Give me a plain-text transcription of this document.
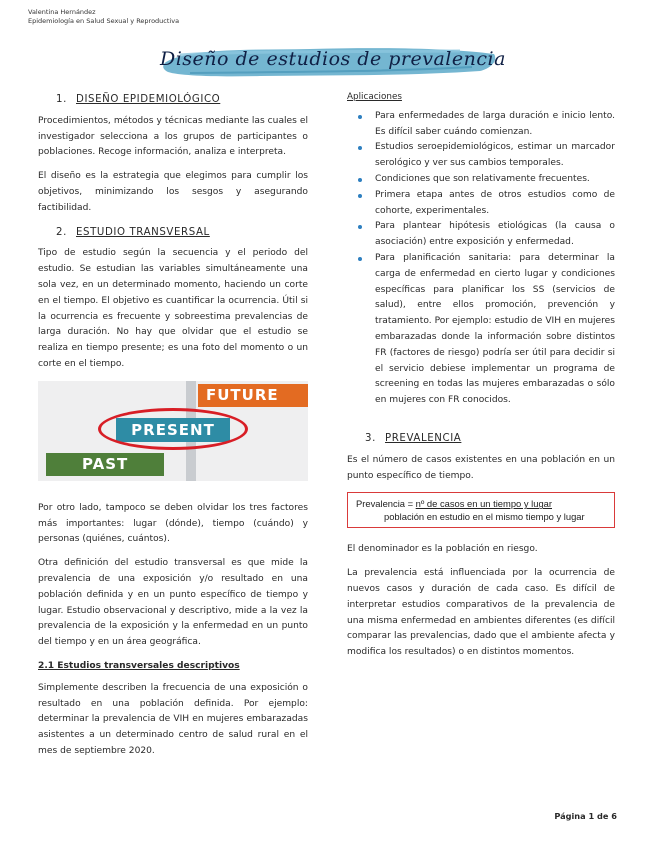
Valentina Hernández
Epidemiología en Salud Sexual y Reproductiva
Diseño de estudios de prevalencia
1. DISEÑO EPIDEMIOLÓGICO

Procedimientos, métodos y técnicas mediante las cuales el investigador selecciona a los grupos de participantes o poblaciones. Recoge información, analiza e interpreta.

El diseño es la estrategia que elegimos para cumplir los objetivos, minimizando los sesgos y asegurando factibilidad.

2. ESTUDIO TRANSVERSAL

Tipo de estudio según la secuencia y el periodo del estudio. Se estudian las variables simultáneamente una sola vez, en un determinado momento, haciendo un corte en el tiempo. El objetivo es cuantificar la ocurrencia. Útil si la ocurrencia es frecuente y sobreestima prevalencias de larga duración. No hay que olvidar que el estudio se realiza en tiempo presente; es una foto del momento o un corte en el tiempo.

FUTURE
PRESENT
PAST

Por otro lado, tampoco se deben olvidar los tres factores más importantes: lugar (dónde), tiempo (cuándo) y personas (quiénes, cuántos).

Otra definición del estudio transversal es que mide la prevalencia de una exposición y/o resultado en una población definida y en un punto específico de tiempo y lugar. Estudio observacional y descriptivo, mide a la vez la prevalencia de la exposición y la enfermedad en un punto del tiempo y en un área geográfica.

2.1 Estudios transversales descriptivos

Simplemente describen la frecuencia de una exposición o resultado en una población definida. Por ejemplo: determinar la prevalencia de VIH en mujeres embarazadas asistentes a un determinado centro de salud rural en el mes de septiembre 2020.

Aplicaciones
Para enfermedades de larga duración e inicio lento. Es difícil saber cuándo comienzan.
Estudios seroepidemiológicos, estimar un marcador serológico y ver sus cambios temporales.
Condiciones que son relativamente frecuentes.
Primera etapa antes de otros estudios como de cohorte, experimentales.
Para plantear hipótesis etiológicas (la causa o asociación) entre exposición y enfermedad.
Para planificación sanitaria: para determinar la carga de enfermedad en cierto lugar y condiciones específicas para planificar los SS (servicios de salud), entre ellos promoción, prevención y tratamiento. Por ejemplo: estudio de VIH en mujeres embarazadas donde la información sobre distintos FR (factores de riesgo) podría ser útil para decidir si el servicio debiese implementar un programa de screening en todas las mujeres embarazadas o sólo en mujeres con FR conocidos.
3. PREVALENCIA

Es el número de casos existentes en una población en un punto específico de tiempo.

Prevalencia = nº de casos en un tiempo y lugar
población en estudio en el mismo tiempo y lugar

El denominador es la población en riesgo.

La prevalencia está influenciada por la ocurrencia de nuevos casos y duración de cada caso. Es difícil de interpretar estudios comparativos de la prevalencia de una misma enfermedad en ambientes diferentes (es difícil comparar las prevalencias, dado que el ambiente afecta y modifica los resultados) o en distintos momentos.

Página 1 de 6
